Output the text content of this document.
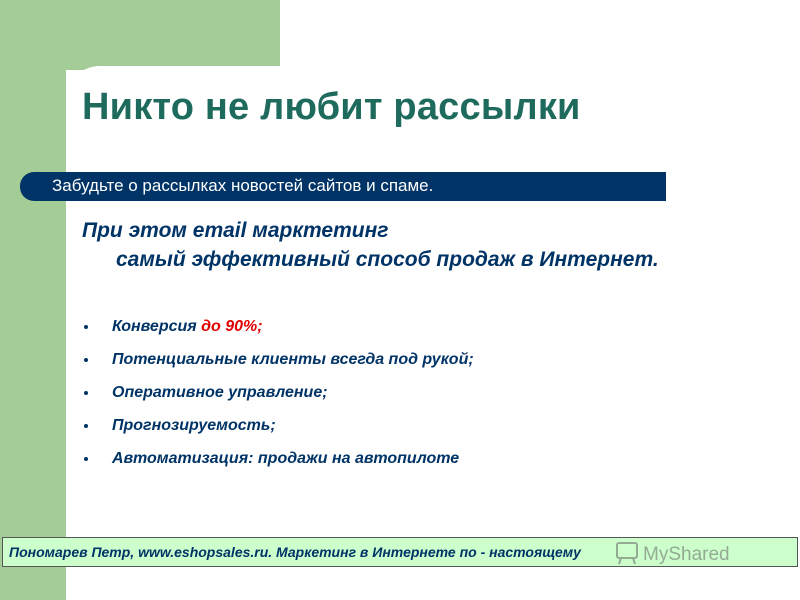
Никто не любит рассылки
Забудьте о рассылках новостей сайтов и спаме.

При этом email марктетинг
самый эффективный способ продаж в Интернет.

Конверсия до 90%;
Потенциальные клиенты всегда под рукой;
Оперативное управление;
Прогнозируемость;
Автоматизация: продажи на автопилоте
Пономарев Петр, www.eshopsales.ru. Маркетинг в Интернете по - настоящему	MyShared
